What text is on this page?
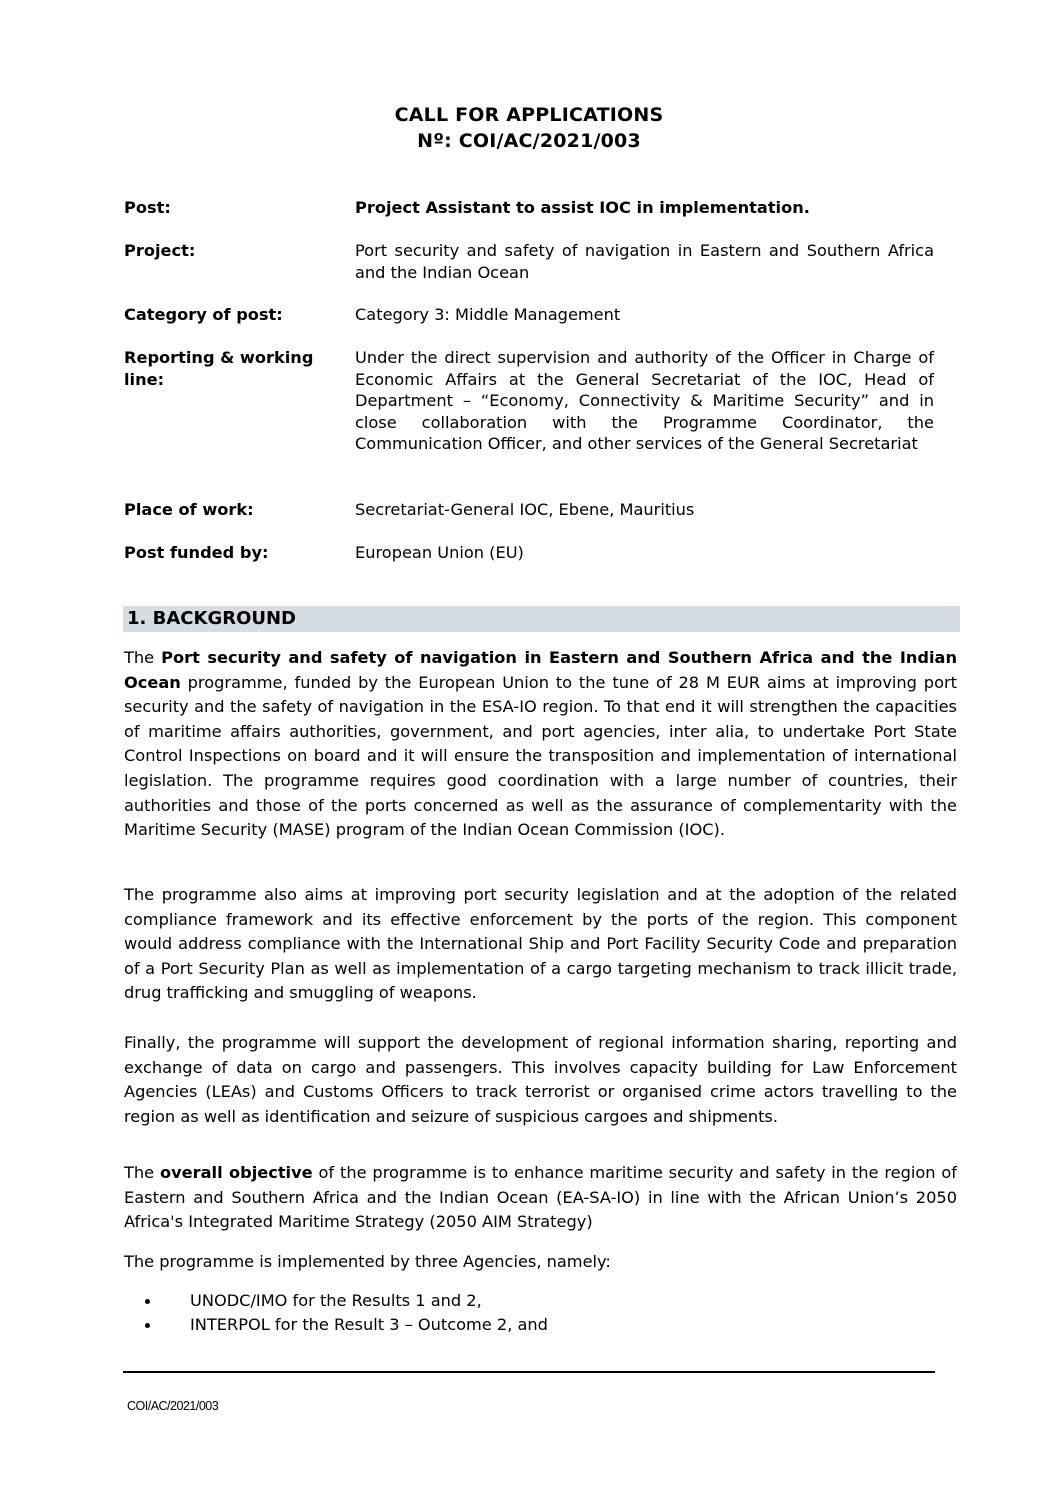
CALL FOR APPLICATIONS
Nº: COI/AC/2021/003
Post:	Project Assistant to assist IOC in implementation.
Project:	Port security and safety of navigation in Eastern and Southern Africa and the Indian Ocean
Category of post:	Category 3: Middle Management
Reporting & working line:
Under the direct supervision and authority of the Officer in Charge of Economic Affairs at the General Secretariat of the IOC, Head of Department – “Economy, Connectivity & Maritime Security” and in close collaboration with the Programme Coordinator, the Communication Officer, and other services of the General Secretariat
Place of work:	Secretariat-General IOC, Ebene, Mauritius
Post funded by:	European Union (EU)
1. BACKGROUND

The Port security and safety of navigation in Eastern and Southern Africa and the Indian Ocean programme, funded by the European Union to the tune of 28 M EUR aims at improving port security and the safety of navigation in the ESA-IO region. To that end it will strengthen the capacities of maritime affairs authorities, government, and port agencies, inter alia, to undertake Port State Control Inspections on board and it will ensure the transposition and implementation of international legislation. The programme requires good coordination with a large number of countries, their authorities and those of the ports concerned as well as the assurance of complementarity with the Maritime Security (MASE) program of the Indian Ocean Commission (IOC).

The programme also aims at improving port security legislation and at the adoption of the related compliance framework and its effective enforcement by the ports of the region. This component would address compliance with the International Ship and Port Facility Security Code and preparation of a Port Security Plan as well as implementation of a cargo targeting mechanism to track illicit trade, drug trafficking and smuggling of weapons.

Finally, the programme will support the development of regional information sharing, reporting and exchange of data on cargo and passengers. This involves capacity building for Law Enforcement Agencies (LEAs) and Customs Officers to track terrorist or organised crime actors travelling to the region as well as identification and seizure of suspicious cargoes and shipments.

The overall objective of the programme is to enhance maritime security and safety in the region of Eastern and Southern Africa and the Indian Ocean (EA-SA-IO) in line with the African Union’s 2050 Africa's Integrated Maritime Strategy (2050 AIM Strategy)

The programme is implemented by three Agencies, namely:

UNODC/IMO for the Results 1 and 2,
INTERPOL for the Result 3 – Outcome 2, and
COI/AC/2021/003
